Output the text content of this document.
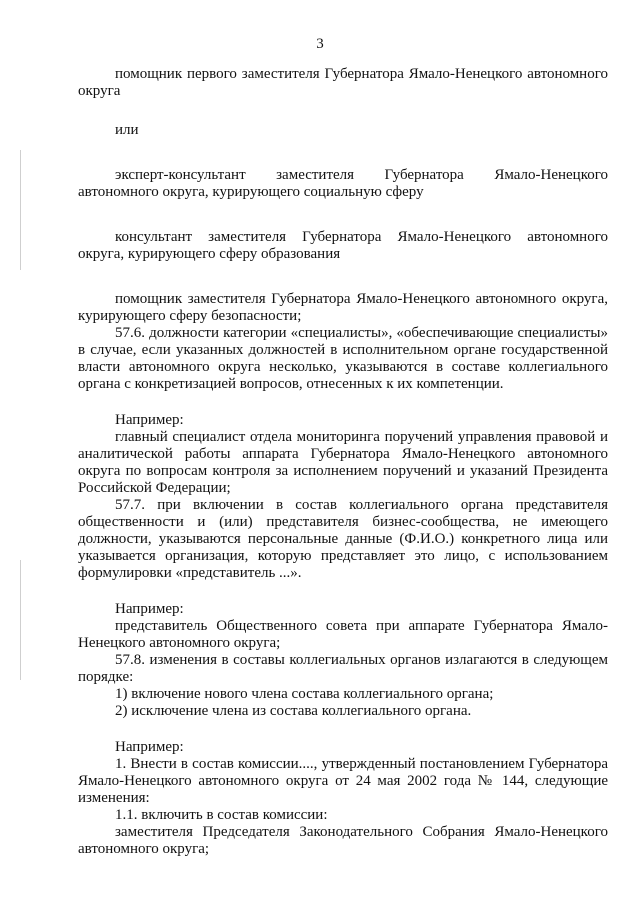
3

помощник первого заместителя Губернатора Ямало-Ненецкого автономного округа

или

эксперт-консультант заместителя Губернатора Ямало-Ненецкого автономного округа, курирующего социальную сферу

консультант заместителя Губернатора Ямало-Ненецкого автономного округа, курирующего сферу образования

помощник заместителя Губернатора Ямало-Ненецкого автономного округа, курирующего сферу безопасности;

57.6. должности категории «специалисты», «обеспечивающие специалисты» в случае, если указанных должностей в исполнительном органе государственной власти автономного округа несколько, указываются в составе коллегиального органа с конкретизацией вопросов, отнесенных к их компетенции.

Например:

главный специалист отдела мониторинга поручений управления правовой и аналитической работы аппарата Губернатора Ямало-Ненецкого автономного округа по вопросам контроля за исполнением поручений и указаний Президента Российской Федерации;

57.7. при включении в состав коллегиального органа представителя общественности и (или) представителя бизнес-сообщества, не имеющего должности, указываются персональные данные (Ф.И.О.) конкретного лица или указывается организация, которую представляет это лицо, с использованием формулировки «представитель ...».

Например:

представитель Общественного совета при аппарате Губернатора Ямало-Ненецкого автономного округа;

57.8. изменения в составы коллегиальных органов излагаются в следующем порядке:

1) включение нового члена состава коллегиального органа;

2) исключение члена из состава коллегиального органа.

Например:

1. Внести в состав комиссии...., утвержденный постановлением Губернатора Ямало-Ненецкого автономного округа от 24 мая 2002 года № 144, следующие изменения:

1.1. включить в состав комиссии:

заместителя Председателя Законодательного Собрания Ямало-Ненецкого автономного округа;
